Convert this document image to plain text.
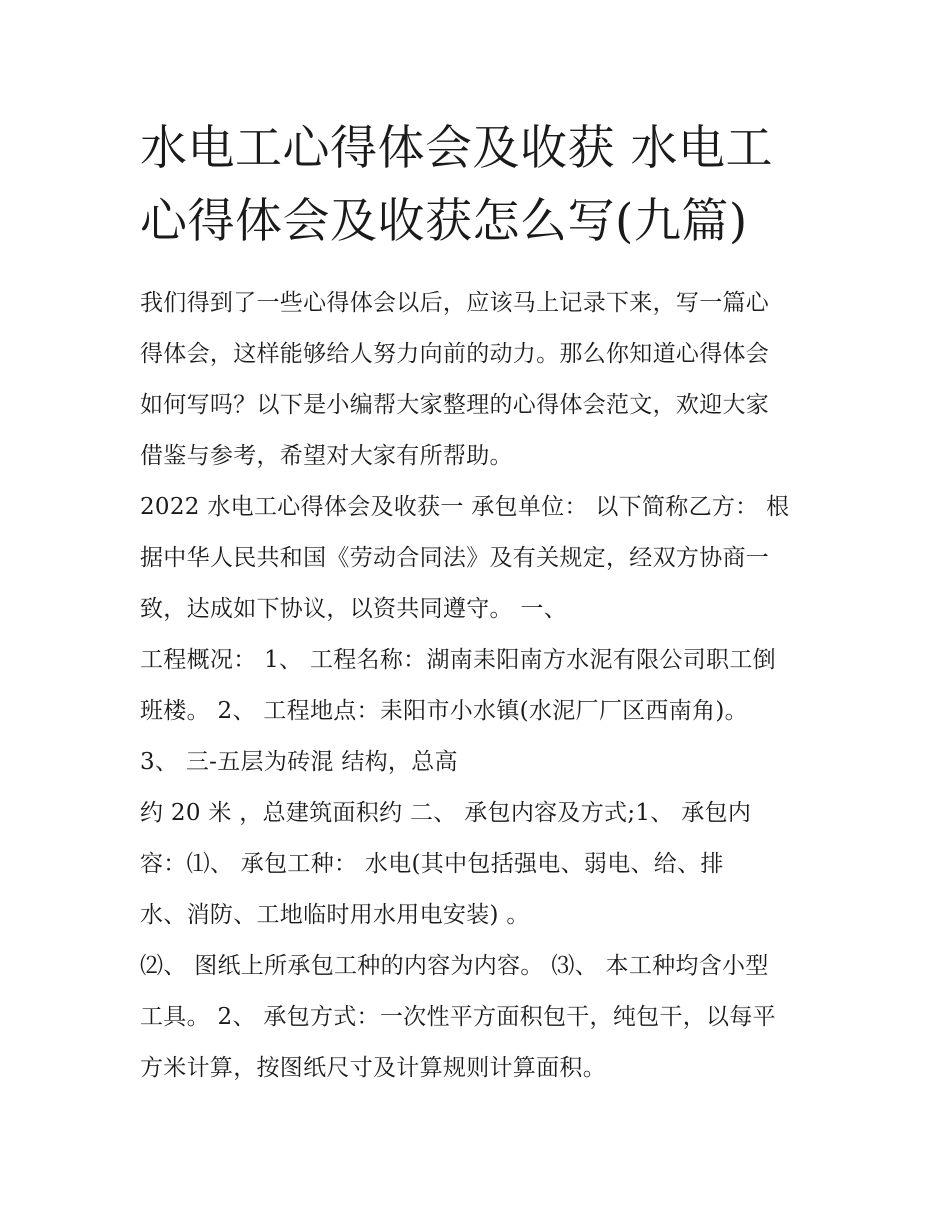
水电工心得体会及收获 水电工
心得体会及收获怎么写(九篇)
我们得到了一些心得体会以后，应该马上记录下来，写一篇心
得体会，这样能够给人努力向前的动力。那么你知道心得体会
如何写吗？以下是小编帮大家整理的心得体会范文，欢迎大家
借鉴与参考，希望对大家有所帮助。
2022 水电工心得体会及收获一 承包单位： 以下简称乙方： 根
据中华人民共和国《劳动合同法》及有关规定，经双方协商一
致，达成如下协议，以资共同遵守。 一、
工程概况： 1、 工程名称：湖南耒阳南方水泥有限公司职工倒
班楼。 2、 工程地点：耒阳市小水镇(水泥厂厂区西南角)。
3、 三-五层为砖混 结构，总高
约 20 米 ，总建筑面积约 二、 承包内容及方式;1、 承包内
容：⑴、 承包工种： 水电(其中包括强电、弱电、给、排
水、消防、工地临时用水用电安装) 。
⑵、 图纸上所承包工种的内容为内容。 ⑶、 本工种均含小型
工具。 2、 承包方式：一次性平方面积包干，纯包干，以每平
方米计算，按图纸尺寸及计算规则计算面积。
